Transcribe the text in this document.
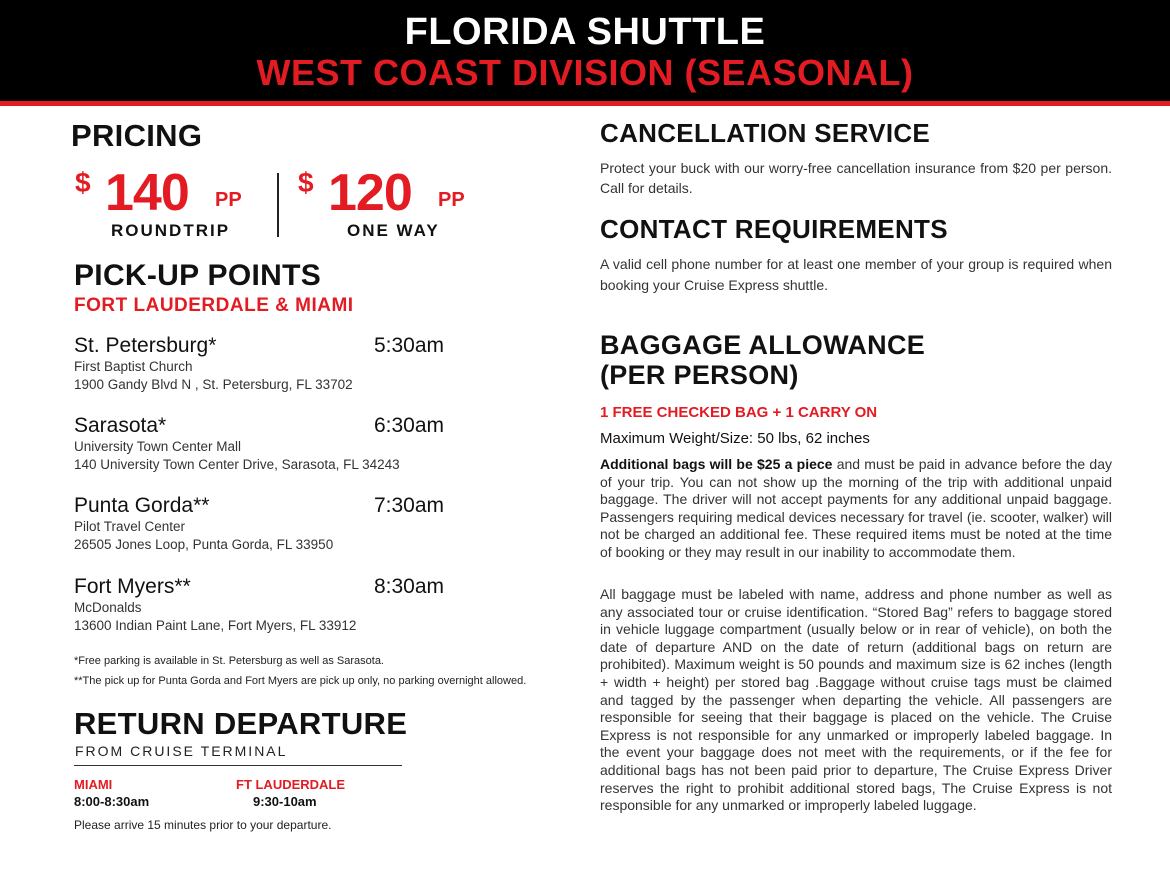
FLORIDA SHUTTLE
WEST COAST DIVISION (SEASONAL)
PRICING
$ 140 PP
ROUNDTRIP
$ 120 PP
ONE WAY
PICK-UP POINTS
FORT LAUDERDALE & MIAMI
St. Petersburg*	5:30am
First Baptist Church
1900 Gandy Blvd N , St. Petersburg, FL 33702
Sarasota*	6:30am
University Town Center Mall
140 University Town Center Drive, Sarasota, FL 34243
Punta Gorda**	7:30am
Pilot Travel Center
26505 Jones Loop, Punta Gorda, FL 33950
Fort Myers**	8:30am
McDonalds
13600 Indian Paint Lane, Fort Myers, FL 33912
*Free parking is available in St. Petersburg as well as Sarasota.
**The pick up for Punta Gorda and Fort Myers are pick up only, no parking overnight allowed.
RETURN DEPARTURE
FROM CRUISE TERMINAL
MIAMI
8:00-8:30am
FT LAUDERDALE
9:30-10am
Please arrive 15 minutes prior to your departure.
CANCELLATION SERVICE
Protect your buck with our worry-free cancellation insurance from $20 per person. Call for details.
CONTACT REQUIREMENTS
A valid cell phone number for at least one member of your group is required when booking your Cruise Express shuttle.
BAGGAGE ALLOWANCE
(PER PERSON)
1 FREE CHECKED BAG + 1 CARRY ON
Maximum Weight/Size: 50 lbs, 62 inches
Additional bags will be $25 a piece and must be paid in advance before the day of your trip. You can not show up the morning of the trip with additional unpaid baggage. The driver will not accept payments for any additional unpaid baggage. Passengers requiring medical devices necessary for travel (ie. scooter, walker) will not be charged an additional fee. These required items must be noted at the time of booking or they may result in our inability to accommodate them.
All baggage must be labeled with name, address and phone number as well as any associated tour or cruise identification. “Stored Bag” refers to baggage stored in vehicle luggage compartment (usually below or in rear of vehicle), on both the date of departure AND on the date of return (additional bags on return are prohibited). Maximum weight is 50 pounds and maximum size is 62 inches (length + width + height) per stored bag .Baggage without cruise tags must be claimed and tagged by the passenger when departing the vehicle. All passengers are responsible for seeing that their baggage is placed on the vehicle. The Cruise Express is not responsible for any unmarked or improperly labeled baggage. In the event your baggage does not meet with the requirements, or if the fee for additional bags has not been paid prior to departure, The Cruise Express Driver reserves the right to prohibit additional stored bags, The Cruise Express is not responsible for any unmarked or improperly labeled luggage.
